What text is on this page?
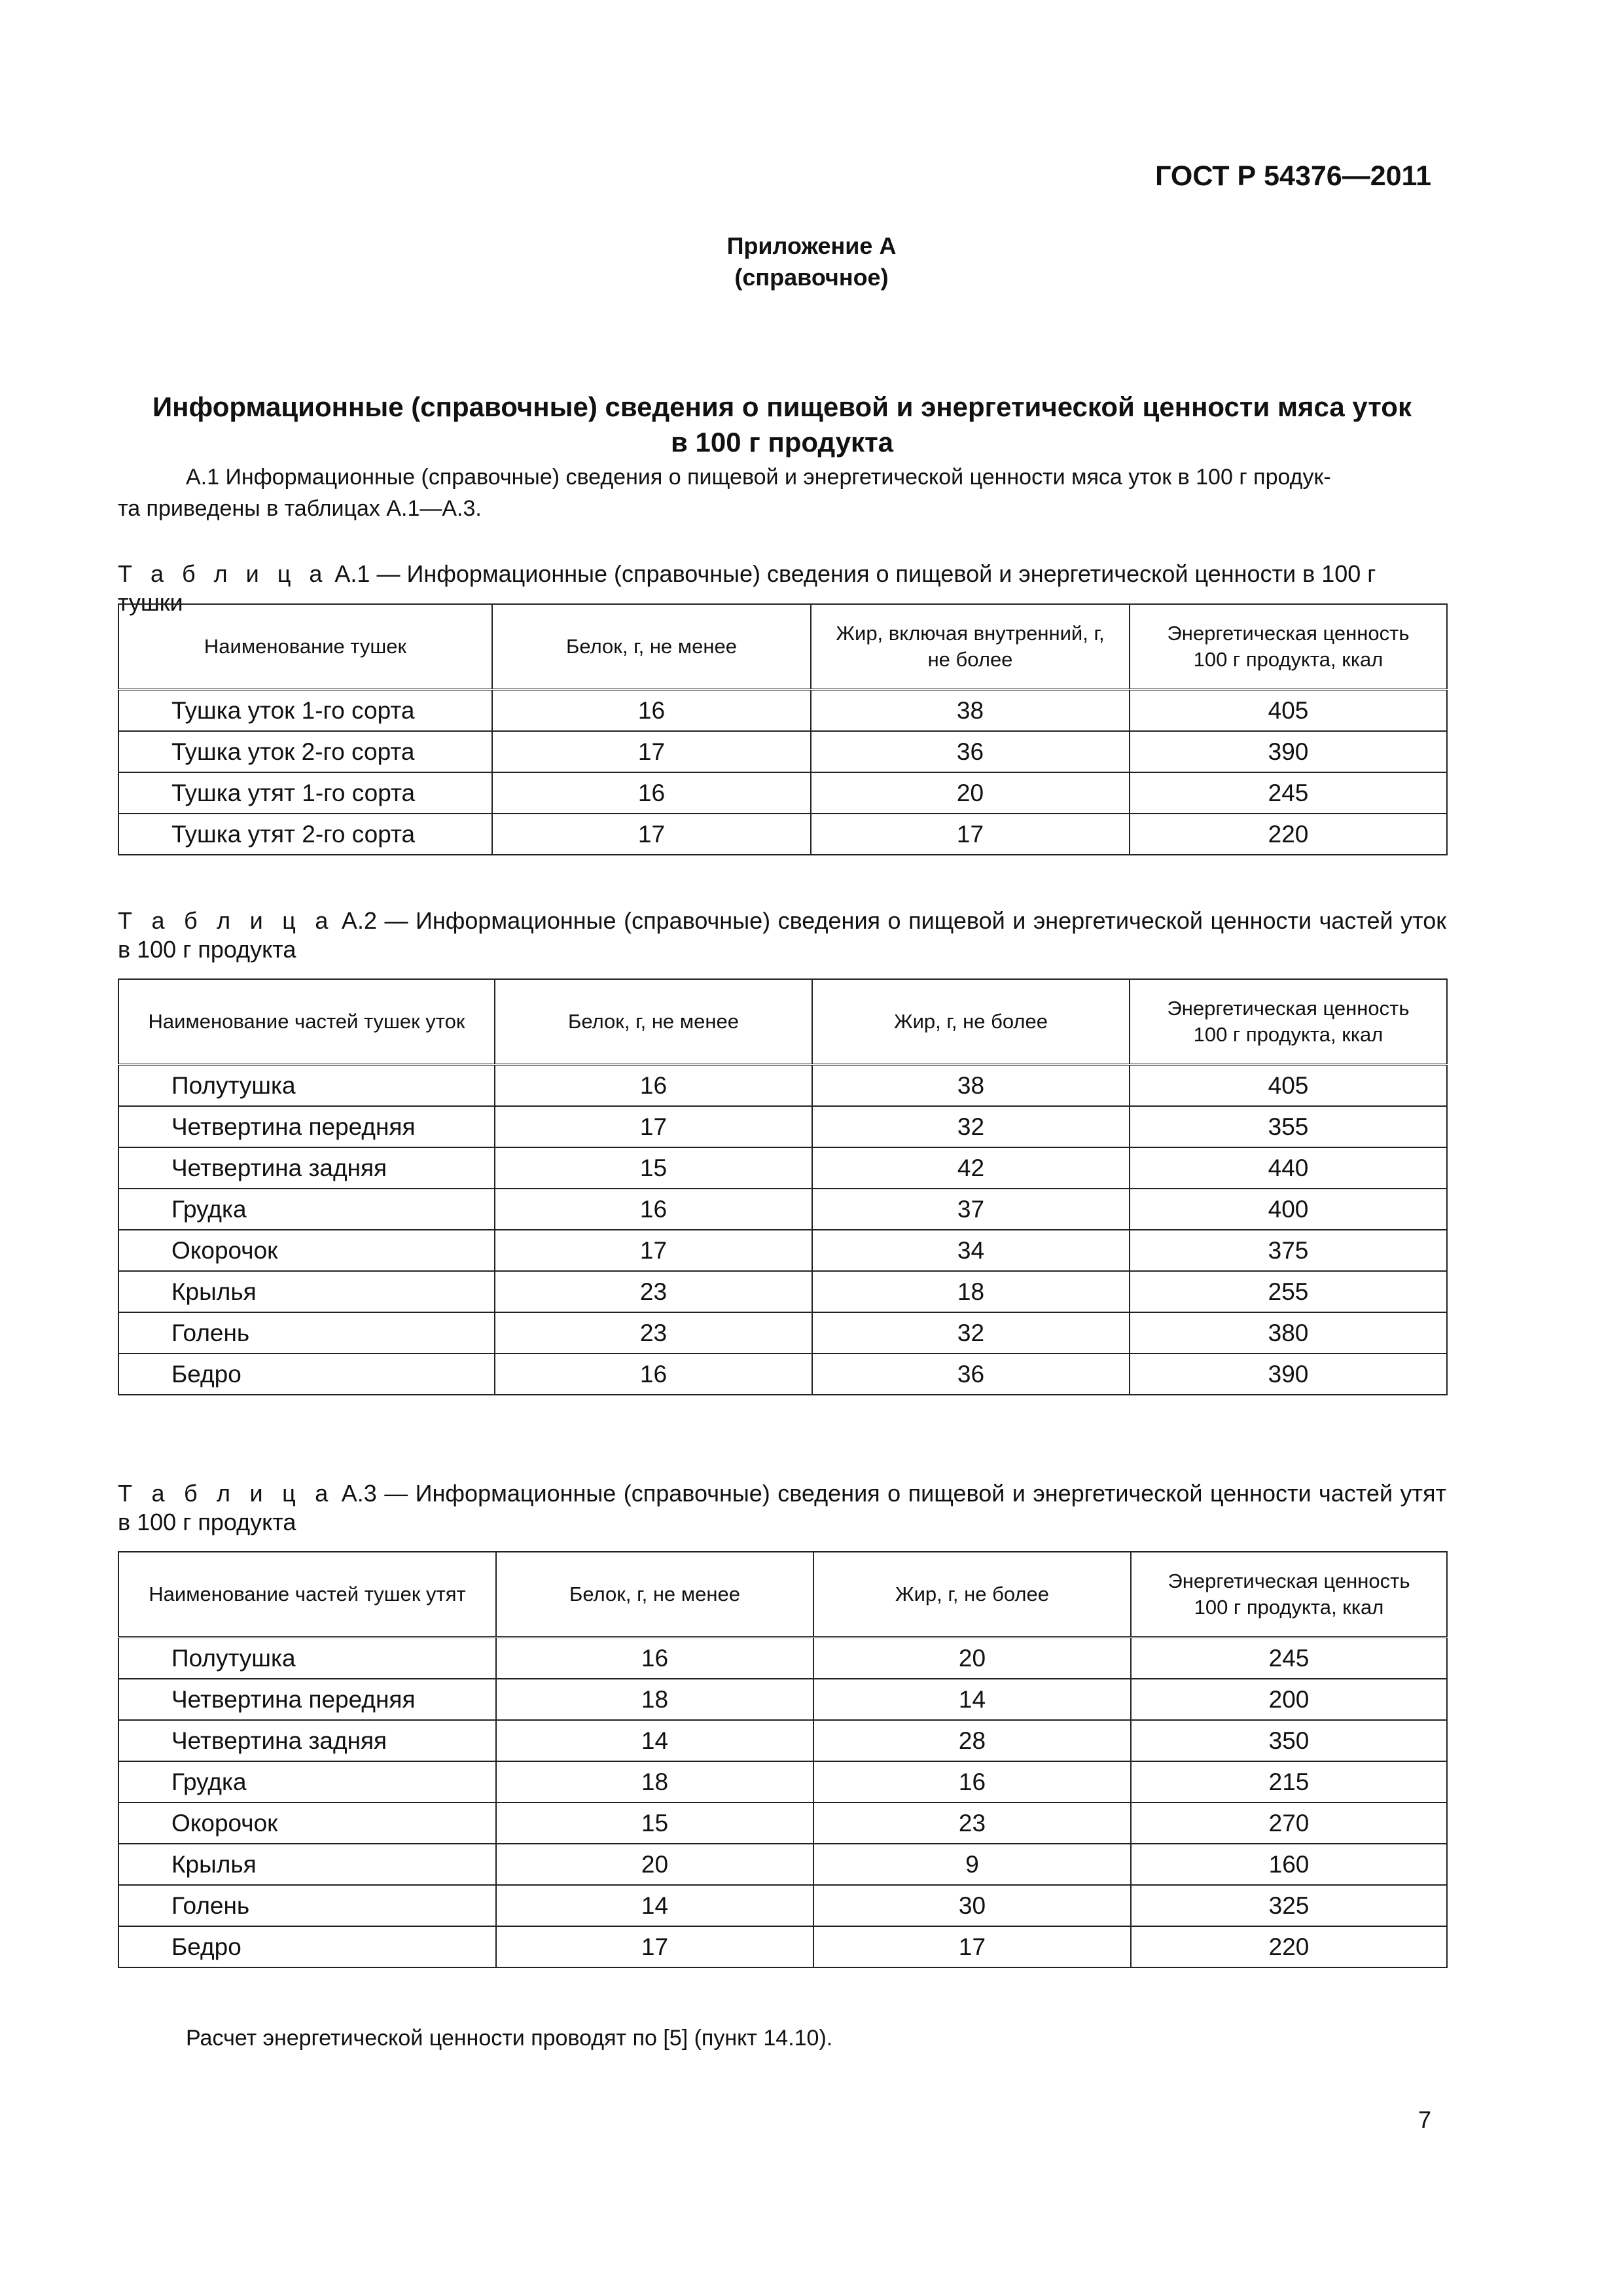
ГОСТ Р 54376—2011
Приложение А
(справочное)
Информационные (справочные) сведения о пищевой и энергетической ценности мяса уток
в 100 г продукта
А.1 Информационные (справочные) сведения о пищевой и энергетической ценности мяса уток в 100 г продук-
та приведены в таблицах А.1—А.3.
Т а б л и ц а А.1 — Информационные (справочные) сведения о пищевой и энергетической ценности в 100 г тушки
Наименование тушек	Белок, г, не менее	Жир, включая внутренний, г, не более	Энергетическая ценность 100 г продукта, ккал
Тушка уток 1-го сорта	16	38	405
Тушка уток 2-го сорта	17	36	390
Тушка утят 1-го сорта	16	20	245
Тушка утят 2-го сорта	17	17	220
Т а б л и ц а А.2 — Информационные (справочные) сведения о пищевой и энергетической ценности частей уток
в 100 г продукта
Наименование частей тушек уток	Белок, г, не менее	Жир, г, не более	Энергетическая ценность 100 г продукта, ккал
Полутушка	16	38	405
Четвертина передняя	17	32	355
Четвертина задняя	15	42	440
Грудка	16	37	400
Окорочок	17	34	375
Крылья	23	18	255
Голень	23	32	380
Бедро	16	36	390
Т а б л и ц а А.3 — Информационные (справочные) сведения о пищевой и энергетической ценности частей утят
в 100 г продукта
Наименование частей тушек утят	Белок, г, не менее	Жир, г, не более	Энергетическая ценность 100 г продукта, ккал
Полутушка	16	20	245
Четвертина передняя	18	14	200
Четвертина задняя	14	28	350
Грудка	18	16	215
Окорочок	15	23	270
Крылья	20	9	160
Голень	14	30	325
Бедро	17	17	220
Расчет энергетической ценности проводят по [5] (пункт 14.10).
7
